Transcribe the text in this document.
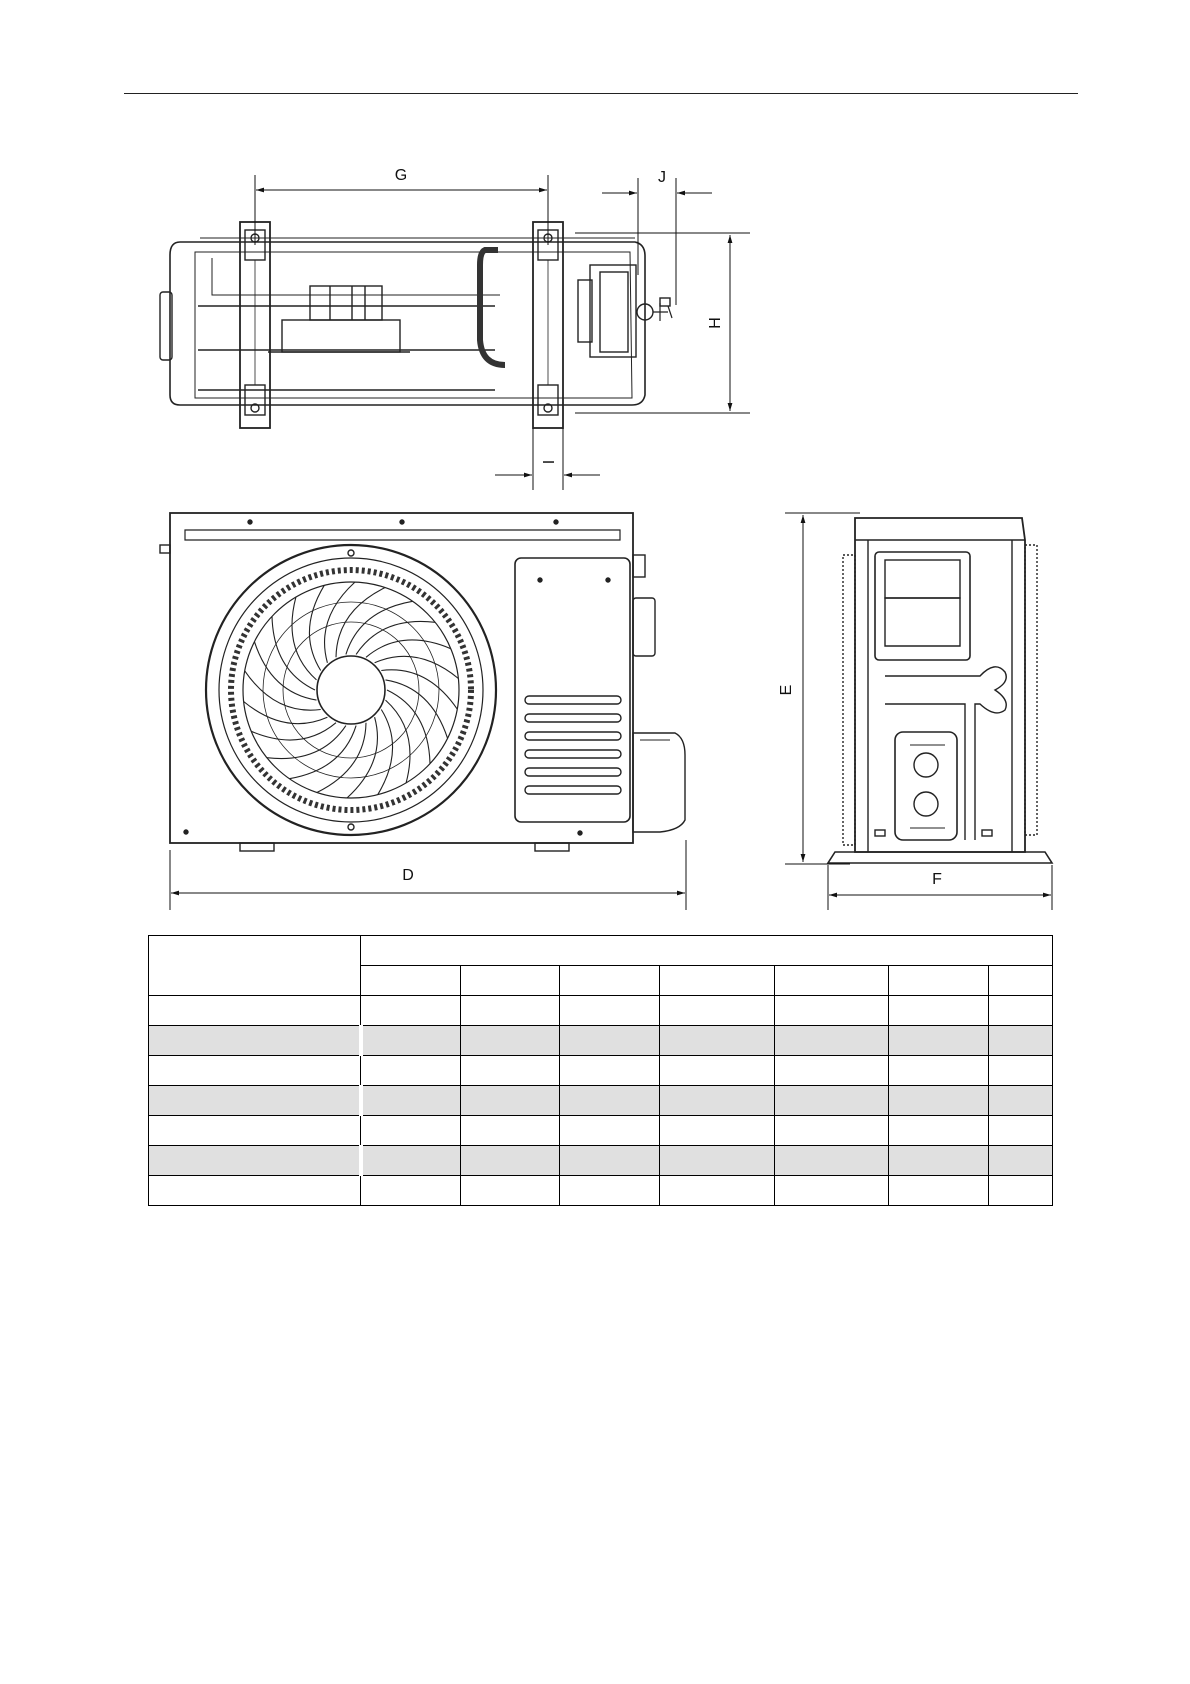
G	J
H
I
D
E
F
